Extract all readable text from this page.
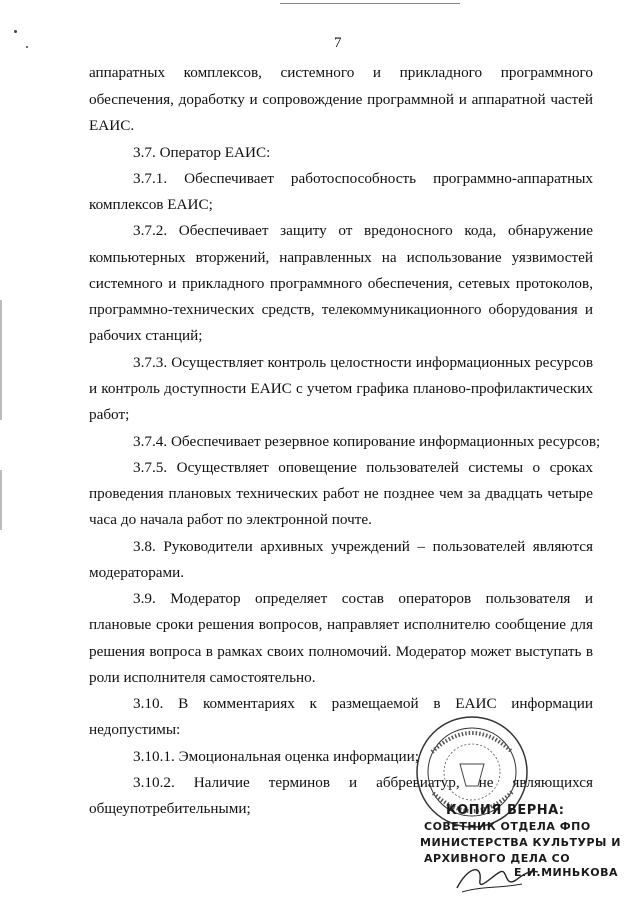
7
аппаратных комплексов, системного и прикладного программного
обеспечения, доработку и сопровождение программной и аппаратной частей
ЕАИС.
3.7. Оператор ЕАИС:
3.7.1. Обеспечивает работоспособность программно-аппаратных
комплексов ЕАИС;
3.7.2. Обеспечивает защиту от вредоносного кода, обнаружение
компьютерных вторжений, направленных на использование уязвимостей
системного и прикладного программного обеспечения, сетевых протоколов,
программно-технических средств, телекоммуникационного оборудования и
рабочих станций;
3.7.3. Осуществляет контроль целостности информационных ресурсов
и контроль доступности ЕАИС с учетом графика планово-профилактических
работ;
3.7.4. Обеспечивает резервное копирование информационных ресурсов;
3.7.5. Осуществляет оповещение пользователей системы о сроках
проведения плановых технических работ не позднее чем за двадцать четыре
часа до начала работ по электронной почте.
3.8. Руководители архивных учреждений – пользователей являются
модераторами.
3.9. Модератор определяет состав операторов пользователя и
плановые сроки решения вопросов, направляет исполнителю сообщение для
решения вопроса в рамках своих полномочий. Модератор может выступать в
роли исполнителя самостоятельно.
3.10. В комментариях к размещаемой в ЕАИС информации
недопустимы:
3.10.1. Эмоциональная оценка информации;
3.10.2. Наличие терминов и аббревиатур, не являющихся
общеупотребительными;	КОПИЯ ВЕРНА:
СОВЕТНИК ОТДЕЛА ФПО
МИНИСТЕРСТВА КУЛЬТУРЫ И
АРХИВНОГО ДЕЛА СО
Е.И.МИНЬКОВА
